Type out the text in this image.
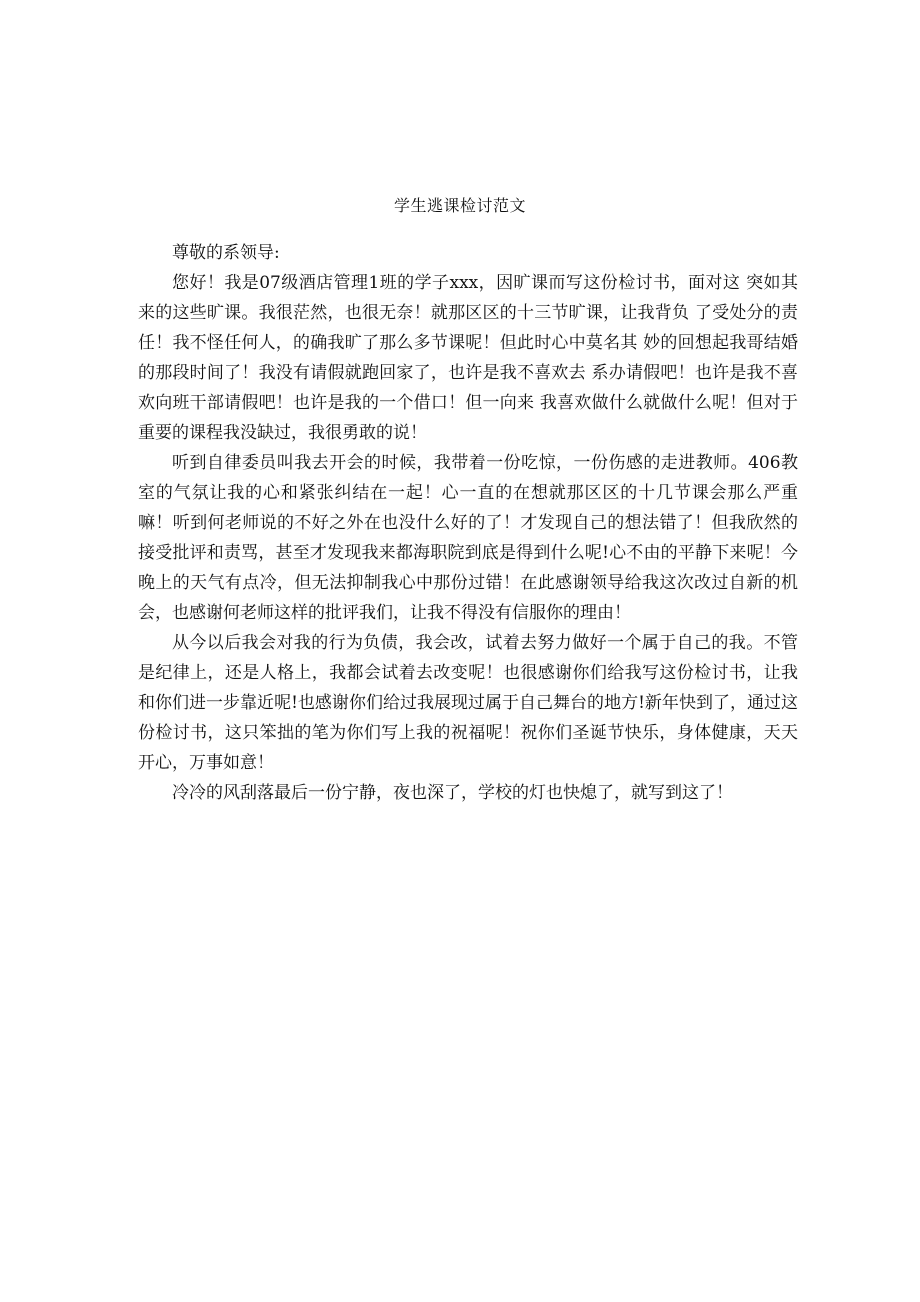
学生逃课检讨范文

尊敬的系领导:

您好！我是07级酒店管理1班的学子xxx，因旷课而写这份检讨书，面对这 突如其来的这些旷课。我很茫然，也很无奈！就那区区的十三节旷课，让我背负 了受处分的责任！我不怪任何人，的确我旷了那么多节课呢！但此时心中莫名其 妙的回想起我哥结婚的那段时间了！我没有请假就跑回家了，也许是我不喜欢去 系办请假吧！也许是我不喜欢向班干部请假吧！也许是我的一个借口！但一向来 我喜欢做什么就做什么呢！但对于重要的课程我没缺过，我很勇敢的说！

听到自律委员叫我去开会的时候，我带着一份吃惊，一份伤感的走进教师。406教室的气氛让我的心和紧张纠结在一起！心一直的在想就那区区的十几节课会那么严重嘛！听到何老师说的不好之外在也没什么好的了！才发现自己的想法错了！但我欣然的接受批评和责骂，甚至才发现我来都海职院到底是得到什么呢!心不由的平静下来呢！今晚上的天气有点冷，但无法抑制我心中那份过错！在此感谢领导给我这次改过自新的机会，也感谢何老师这样的批评我们，让我不得没有信服你的理由！

从今以后我会对我的行为负债，我会改，试着去努力做好一个属于自己的我。不管是纪律上，还是人格上，我都会试着去改变呢！也很感谢你们给我写这份检讨书，让我和你们进一步靠近呢!也感谢你们给过我展现过属于自己舞台的地方!新年快到了，通过这份检讨书，这只笨拙的笔为你们写上我的祝福呢！祝你们圣诞节快乐，身体健康，天天开心，万事如意！

冷冷的风刮落最后一份宁静，夜也深了，学校的灯也快熄了，就写到这了！
